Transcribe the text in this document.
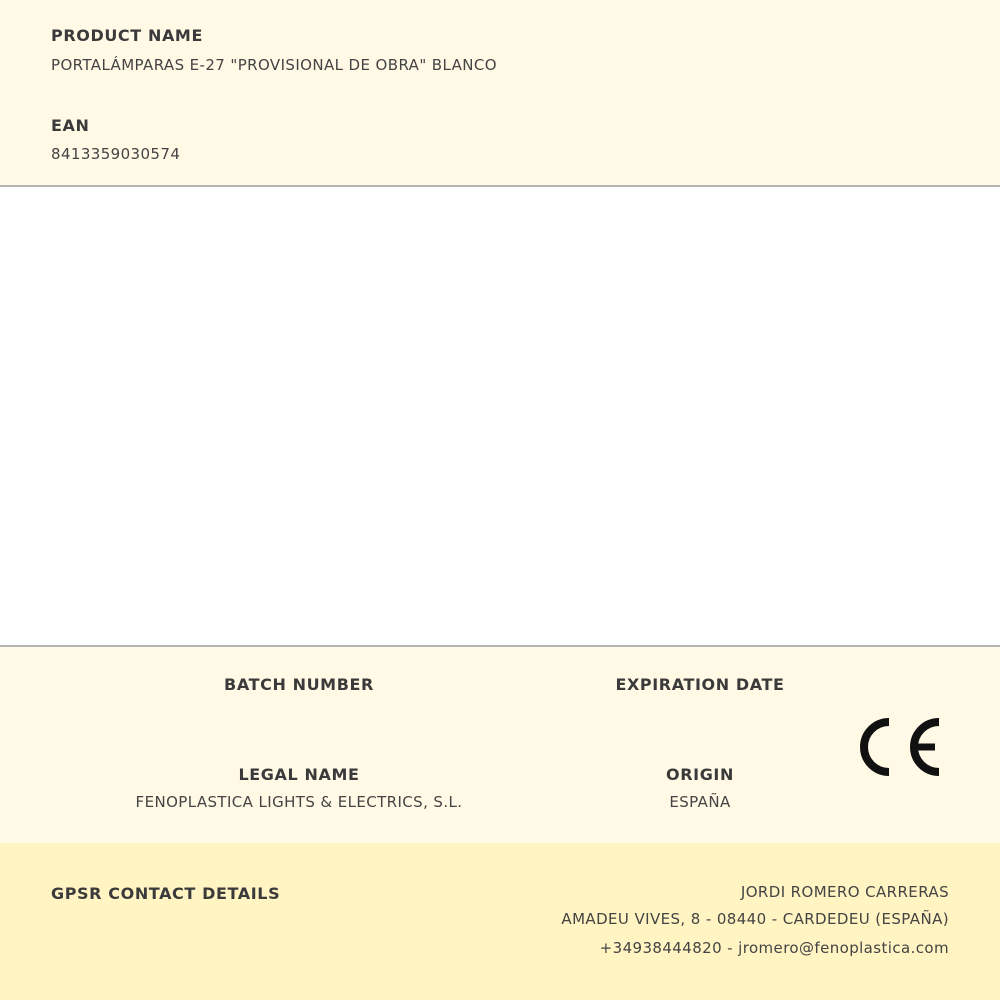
PRODUCT NAME
PORTALÁMPARAS E-27 "PROVISIONAL DE OBRA" BLANCO
EAN
8413359030574
BATCH NUMBER	EXPIRATION DATE
LEGAL NAME
FENOPLASTICA LIGHTS & ELECTRICS, S.L.
ORIGIN
ESPAÑA
GPSR CONTACT DETAILS	JORDI ROMERO CARRERAS
AMADEU VIVES, 8 - 08440 - CARDEDEU (ESPAÑA)
+34938444820 - jromero@fenoplastica.com
